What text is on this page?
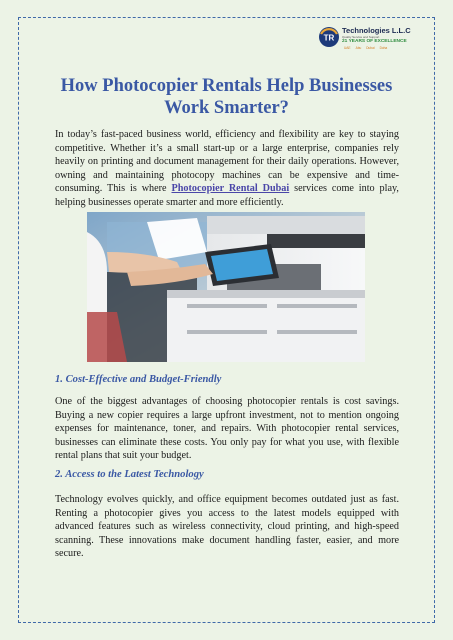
TR
Technologies L.L.C
Quality Service and Support
21 YEARS OF EXCELLENCE
UAE Abu Dubai Doha
How Photocopier Rentals Help Businesses Work Smarter?

In today’s fast-paced business world, efficiency and flexibility are key to staying competitive. Whether it’s a small start-up or a large enterprise, companies rely heavily on printing and document management for their daily operations. However, owning and maintaining photocopy machines can be expensive and time-consuming. This is where Photocopier Rental Dubai services come into play, helping businesses operate smarter and more efficiently.

1. Cost-Effective and Budget-Friendly

One of the biggest advantages of choosing photocopier rentals is cost savings. Buying a new copier requires a large upfront investment, not to mention ongoing expenses for maintenance, toner, and repairs. With photocopier rental services, businesses can eliminate these costs. You only pay for what you use, with flexible rental plans that suit your budget.

2. Access to the Latest Technology

Technology evolves quickly, and office equipment becomes outdated just as fast. Renting a photocopier gives you access to the latest models equipped with advanced features such as wireless connectivity, cloud printing, and high-speed scanning. These innovations make document handling faster, easier, and more secure.
